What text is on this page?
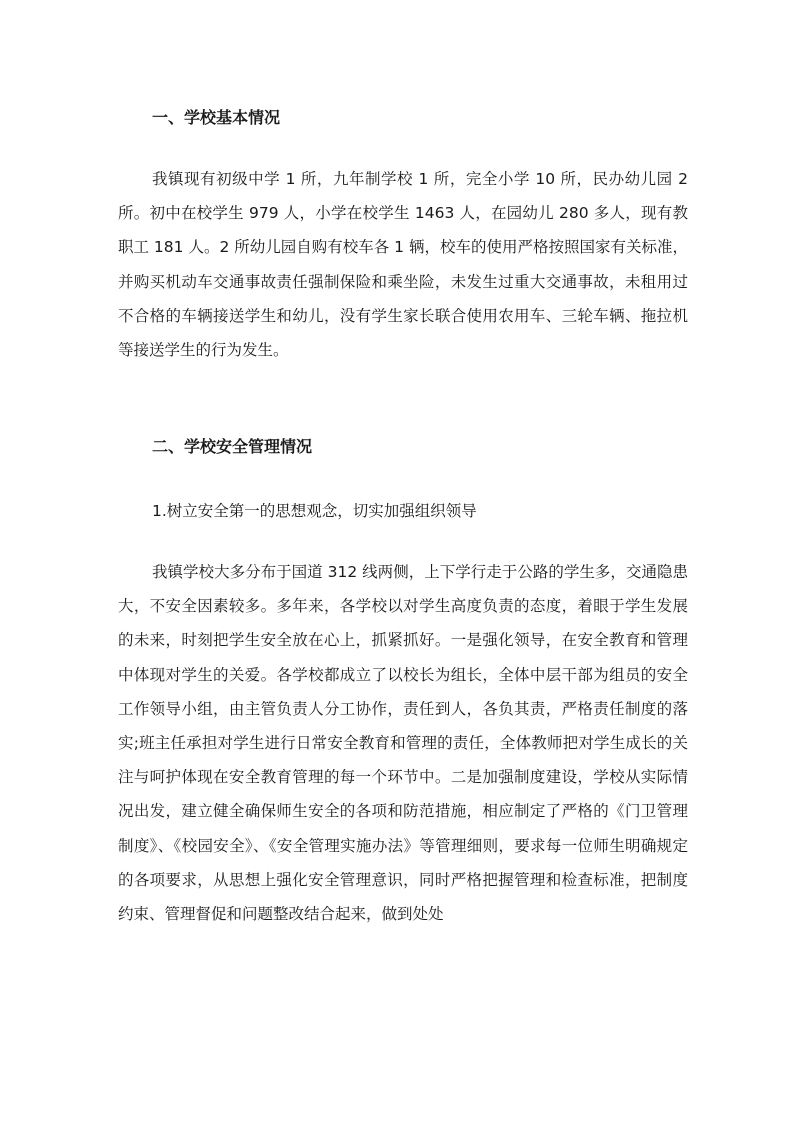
一、学校基本情况

我镇现有初级中学 1 所，九年制学校 1 所，完全小学 10 所，民办幼儿园 2 所。初中在校学生 979 人，小学在校学生 1463 人，在园幼儿 280 多人，现有教职工 181 人。2 所幼儿园自购有校车各 1 辆，校车的使用严格按照国家有关标准，并购买机动车交通事故责任强制保险和乘坐险，未发生过重大交通事故，未租用过不合格的车辆接送学生和幼儿，没有学生家长联合使用农用车、三轮车辆、拖拉机等接送学生的行为发生。

二、学校安全管理情况

1.树立安全第一的思想观念，切实加强组织领导

我镇学校大多分布于国道 312 线两侧，上下学行走于公路的学生多，交通隐患大，不安全因素较多。多年来，各学校以对学生高度负责的态度，着眼于学生发展的未来，时刻把学生安全放在心上，抓紧抓好。一是强化领导，在安全教育和管理中体现对学生的关爱。各学校都成立了以校长为组长，全体中层干部为组员的安全工作领导小组，由主管负责人分工协作，责任到人，各负其责，严格责任制度的落实;班主任承担对学生进行日常安全教育和管理的责任，全体教师把对学生成长的关注与呵护体现在安全教育管理的每一个环节中。二是加强制度建设，学校从实际情况出发，建立健全确保师生安全的各项和防范措施，相应制定了严格的《门卫管理制度》、《校园安全》、《安全管理实施办法》等管理细则，要求每一位师生明确规定的各项要求，从思想上强化安全管理意识，同时严格把握管理和检查标准，把制度约束、管理督促和问题整改结合起来，做到处处
